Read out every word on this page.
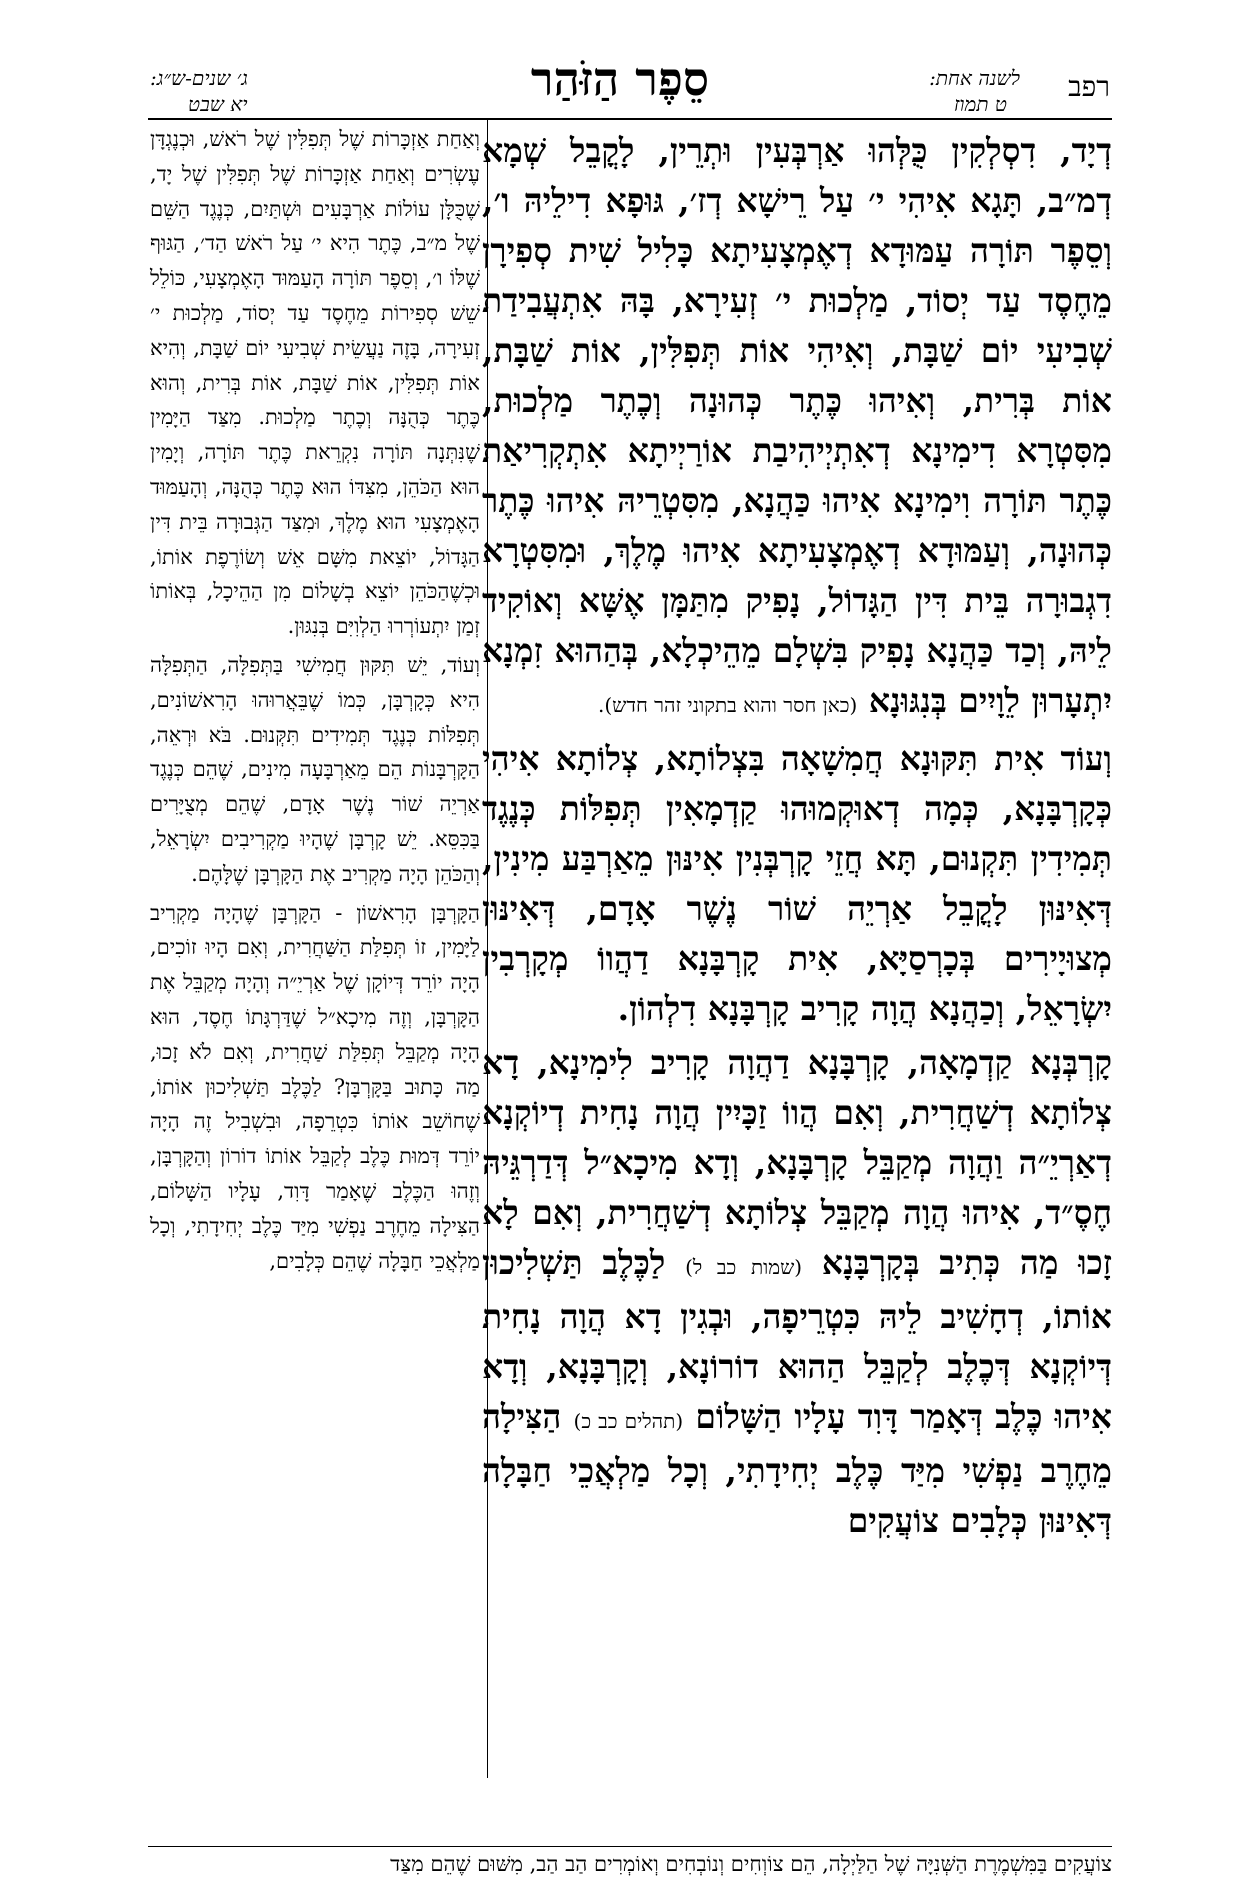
רפב
לשנה אחת:
ט תמוז
סֵפֶר הַזֹּהַר
ג׳ שנים-ש״ג:
יא שבט

דְיָד, דִסְלְקִין כֻּלְּהוּ אַרְבְּעִין וּתְרֵין, לָקֳבֵל שְׁמָא דְמ״ב, תָּגָא אִיהִי י׳ עַל רֵישָׁא דְז׳, גּוּפָא דִילֵיהּ ו׳, וְסֵפֶר תּוֹרָה עַמּוּדָא דְאֶמְצָעִיתָא כָּלִיל שִׁית סְפִירָן מֵחֶסֶד עַד יְסוֹד, מַלְכוּת י׳ זְעִירָא, בָּהּ אִתְעֲבִידַת שְׁבִיעִי יוֹם שַׁבָּת, וְאִיהִי אוֹת תְּפִלִּין, אוֹת שַׁבָּת, אוֹת בְּרִית, וְאִיהוּ כֶּתֶר כְּהוּנָה וְכֶתֶר מַלְכוּת, מִסִּטְרָא דִימִינָא דְאִתְיְיהִיבַת אוֹרַיְיתָא אִתְקְרִיאַת כֶּתֶר תּוֹרָה וִימִינָא אִיהוּ כַּהֲנָא, מִסִּטְרֵיהּ אִיהוּ כֶּתֶר כְּהוּנָה, וְעַמּוּדָא דְאֶמְצָעִיתָא אִיהוּ מֶלֶךְ, וּמִסִּטְרָא דִגְבוּרָה בֵּית דִּין הַגָּדוֹל, נָפִיק מִתַּמָּן אֶשָּׁא וְאוֹקִיד לֵיהּ, וְכַד כַּהֲנָא נָפִיק בִּשְׁלָם מֵהֵיכְלָא, בְּהַהוּא זִמְנָא יִתְעָרוּן לֵוָיִים בְּנִגּוּנָא (כאן חסר והוא בתקוני זהר חדש).

וְעוֹד אִית תִּקּוּנָא חֲמִשָׁאָה בִּצְלוֹתָא, צְלוֹתָא אִיהִי כְּקָרְבָּנָא, כְּמָה דְאוּקְמוּהוּ קַדְמָאִין תְּפִלּוֹת כְּנֶגֶד תְּמִידִין תִּקְנוּם, תָּא חֲזֵי קָרְבְּנִין אִינּוּן מֵאַרְבַּע מִינִין, דְּאִינּוּן לָקֳבֵל אַרְיֵה שׁוֹר נֶשֶׁר אָדָם, דְּאִינּוּן מְצוּיָירִים בְּכָרְסַיָּא, אִית קָרְבָּנָא דַהֲווֹ מְקָרְבִין יִשְׂרָאֵל, וְכַהֲנָא הֲוָה קָרִיב קָרְבָּנָא דִלְהוֹן.

קָרְבְּנָא קַדְמָאָה, קָרְבָּנָא דַהֲוָה קָרִיב לִימִינָא, דָא צְלוֹתָא דְשַׁחֲרִית, וְאִם הֲווֹ זַכָּיִין הֲוָה נָחִית דְיוֹקְנָא דְאַרְיֵ״ה וַהֲוָה מְקַבֵּל קָרְבָּנָא, וְדָא מִיכָא״ל דְּדַרְגֵּיהּ חֶסֶ״ד, אִיהוּ הֲוָה מְקַבֵּל צְלוֹתָא דְשַׁחֲרִית, וְאִם לָא זָכוּ מַה כְּתִיב בְּקָרְבָּנָא (שמות כב ל) לַכֶּלֶב תַּשְׁלִיכוּן אוֹתוֹ, דְחָשִׁיב לֵיהּ כִּטְרֵיפָה, וּבְגִין דָא הֲוָה נָחִית דְּיוֹקְנָא דְּכֶלֶב לְקַבֵּל הַהוּא דוֹרוֹנָא, וְקָרְבָּנָא, וְדָא אִיהוּ כֶּלֶב דְּאָמַר דָּוִד עָלָיו הַשָּׁלוֹם (תהלים כב כ) הַצִּילָה מֵחֶרֶב נַפְשִׁי מִיַּד כֶּלֶב יְחִידָתִי, וְכָל מַלְאֲכֵי חַבָּלָה דְּאִינּוּן כְּלָבִים צוֹעֲקִים

וְאַחַת אַזְכָּרוֹת שֶׁל תְּפִלִּין שֶׁל רֹאשׁ, וּכְנֶגְדָּן עֶשְׂרִים וְאַחַת אַזְכָּרוֹת שֶׁל תְּפִלִּין שֶׁל יָד, שֶׁכֻּלָּן עוֹלוֹת אַרְבָּעִים וּשְׁתַּיִם, כְּנֶגֶד הַשֵּׁם שֶׁל מ״ב, כֶּתֶר הִיא י׳ עַל רֹאשׁ הַד׳, הַגּוּף שֶׁלּוֹ ו׳, וְסֵפֶר תּוֹרָה הָעַמּוּד הָאֶמְצָעִי, כּוֹלֵל שֵׁשׁ סְפִירוֹת מֵחֶסֶד עַד יְסוֹד, מַלְכוּת י׳ זְעִירָה, בָּזֶה נַעֲשֵׂית שְׁבִיעִי יוֹם שַׁבָּת, וְהִיא אוֹת תְּפִלִּין, אוֹת שַׁבָּת, אוֹת בְּרִית, וְהוּא כֶּתֶר כְּהֻנָּה וְכֶתֶר מַלְכוּת. מִצַּד הַיָּמִין שֶׁנִּתְּנָה תּוֹרָה נִקְרֵאת כֶּתֶר תּוֹרָה, וְיָמִין הוּא הַכֹּהֵן, מִצִּדּוֹ הוּא כֶּתֶר כְּהֻנָּה, וְהָעַמּוּד הָאֶמְצָעִי הוּא מֶלֶךְ, וּמִצַּד הַגְּבוּרָה בֵּית דִּין הַגָּדוֹל, יוֹצֵאת מִשָּׁם אֵשׁ וְשׂוֹרֶפֶת אוֹתוֹ, וּכְשֶׁהַכֹּהֵן יוֹצֵא בְשָׁלוֹם מִן הַהֵיכָל, בְּאוֹתוֹ זְמַן יִתְעוֹרְרוּ הַלְוִיִּם בְּנִגּוּן.

וְעוֹד, יֵשׁ תִּקּוּן חֲמִישִׁי בַּתְּפִלָּה, הַתְּפִלָּה הִיא כְּקָרְבָּן, כְּמוֹ שֶׁבֵּאֲרוּהוּ הָרִאשׁוֹנִים, תְּפִלּוֹת כְּנֶגֶד תְּמִידִים תִּקְּנוּם. בֹּא וּרְאֵה, הַקָּרְבָּנוֹת הֵם מֵאַרְבָּעָה מִינִים, שֶׁהֵם כְּנֶגֶד אַרְיֵה שׁוֹר נֶשֶׁר אָדָם, שֶׁהֵם מְצֻיָּרִים בַּכִּסֵּא. יֵשׁ קָרְבָּן שֶׁהָיוּ מַקְרִיבִים יִשְׂרָאֵל, וְהַכֹּהֵן הָיָה מַקְרִיב אֶת הַקָּרְבָּן שֶׁלָּהֶם.

הַקָּרְבָּן הָרִאשׁוֹן - הַקָּרְבָּן שֶׁהָיָה מַקְרִיב לַיָּמִין, זוֹ תְּפִלַּת הַשַּׁחֲרִית, וְאִם הָיוּ זוֹכִים, הָיָה יוֹרֵד דְּיוֹקָן שֶׁל אַרְיֵ״ה וְהָיָה מְקַבֵּל אֶת הַקָּרְבָּן, וְזֶה מִיכָא״ל שֶׁדַּרְגָּתוֹ חֶסֶד, הוּא הָיָה מְקַבֵּל תְּפִלַּת שַׁחֲרִית, וְאִם לֹא זָכוּ, מַה כָּתוּב בַּקָּרְבָּן? לַכֶּלֶב תַּשְׁלִיכוּן אוֹתוֹ, שֶׁחוֹשֵׁב אוֹתוֹ כִּטְרֵפָה, וּבִשְׁבִיל זֶה הָיָה יוֹרֵד דְּמוּת כֶּלֶב לְקַבֵּל אוֹתוֹ דוֹרוֹן וְהַקָּרְבָּן, וְזֶהוּ הַכֶּלֶב שֶׁאָמַר דָּוִד, עָלָיו הַשָּׁלוֹם, הַצִּילָה מֵחֶרֶב נַפְשִׁי מִיַּד כֶּלֶב יְחִידָתִי, וְכָל מַלְאֲכֵי חַבָּלָה שֶׁהֵם כְּלָבִים,

צוֹעֲקִים בַּמִּשְׁמֶרֶת הַשְּׁנִיָּה שֶׁל הַלַּיְלָה, הֵם צוֹוְחִים וְנוֹבְחִים וְאוֹמְרִים הַב הַב, מִשּׁוּם שֶׁהֵם מִצַּד
